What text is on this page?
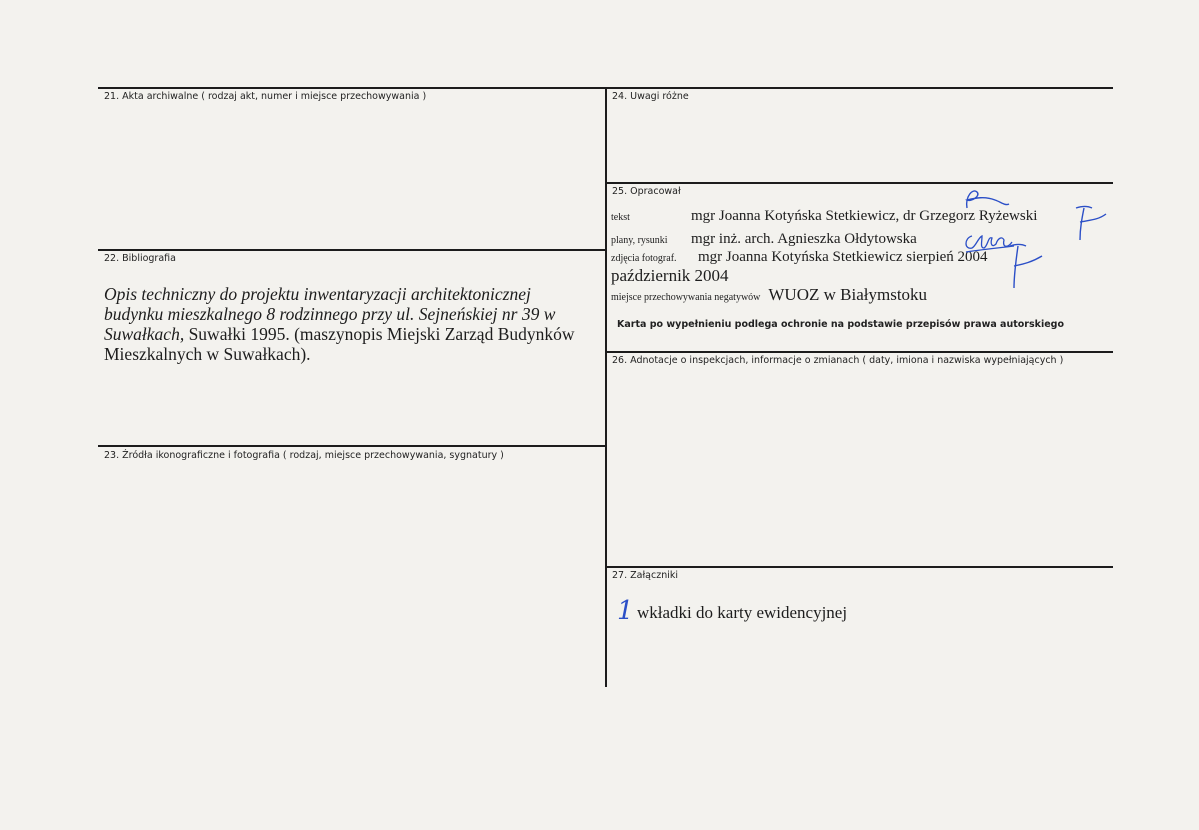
21. Akta archiwalne ( rodzaj akt, numer i miejsce przechowywania )
22. Bibliografia
Opis techniczny do projektu inwentaryzacji architektonicznej budynku mieszkalnego 8 rodzinnego przy ul. Sejneńskiej nr 39 w Suwałkach, Suwałki 1995. (maszynopis Miejski Zarząd Budynków Mieszkalnych w Suwałkach).
23. Źródła ikonograficzne i fotografia ( rodzaj, miejsce przechowywania, sygnatury )
24. Uwagi różne
25. Opracował
tekst	mgr Joanna Kotyńska Stetkiewicz, dr Grzegorz Ryżewski
plany, rysunki mgr inż. arch. Agnieszka Ołdytowska
zdjęcia fotograf. mgr Joanna Kotyńska Stetkiewicz sierpień 2004
październik 2004
miejsce przechowywania negatywów WUOZ w Białymstoku
Karta po wypełnieniu podlega ochronie na podstawie przepisów prawa autorskiego
26. Adnotacje o inspekcjach, informacje o zmianach ( daty, imiona i nazwiska wypełniających )
27. Załączniki
1 wkładki do karty ewidencyjnej
